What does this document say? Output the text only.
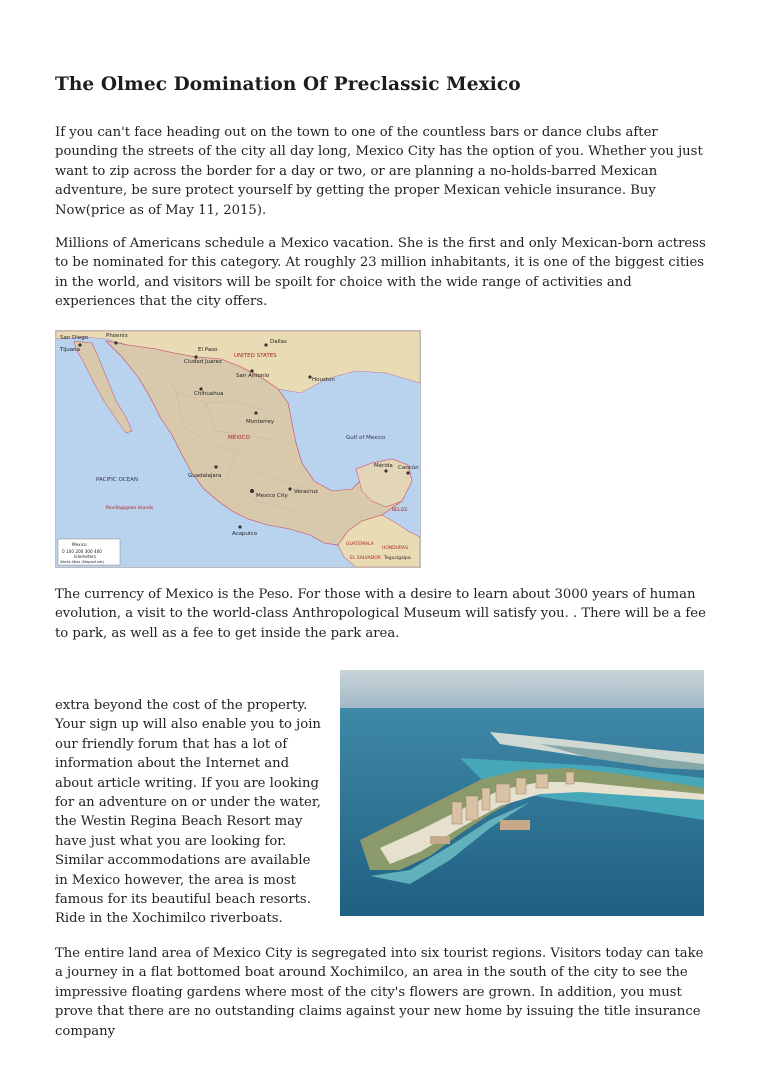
The Olmec Domination Of Preclassic Mexico

If you can't face heading out on the town to one of the countless bars or dance clubs after pounding the streets of the city all day long, Mexico City has the option of you. Whether you just want to zip across the border for a day or two, or are planning a no-holds-barred Mexican adventure, be sure protect yourself by getting the proper Mexican vehicle insurance. Buy Now(price as of May 11, 2015).

Millions of Americans schedule a Mexico vacation. She is the first and only Mexican-born actress to be nominated for this category. At roughly 23 million inhabitants, it is one of the biggest cities in the world, and visitors will be spoilt for choice with the wide range of activities and experiences that the city offers.

San Diego
Tijuana
Phoenix
El Paso
Ciudad Juarez
UNITED STATES
Dallas
San Antonio
Houston
Chihuahua
Monterrey
MEXICO	Gulf of Mexico
Guadalajara
Mexico City
Veracruz
Acapulco
Mérida Cancún
PACIFIC OCEAN
Revillagigedo Islands
GUATEMALA
HONDURAS
EL SALVADOR Tegucigalpa
BELIZE
Mexico
0 100 200 300 400
kilometers
World Atlas (Mapsof.net)

The currency of Mexico is the Peso. For those with a desire to learn about 3000 years of human evolution, a visit to the world-class Anthropological Museum will satisfy you. . There will be a fee to park, as well as a fee to get inside the park area.

extra beyond the cost of the property. Your sign up will also enable you to join our friendly forum that has a lot of information about the Internet and about article writing. If you are looking for an adventure on or under the water, the Westin Regina Beach Resort may have just what you are looking for. Similar accommodations are available in Mexico however, the area is most famous for its beautiful beach resorts. Ride in the Xochimilco riverboats.

The entire land area of Mexico City is segregated into six tourist regions. Visitors today can take a journey in a flat bottomed boat around Xochimilco, an area in the south of the city to see the impressive floating gardens where most of the city's flowers are grown. In addition, you must prove that there are no outstanding claims against your new home by issuing the title insurance company
